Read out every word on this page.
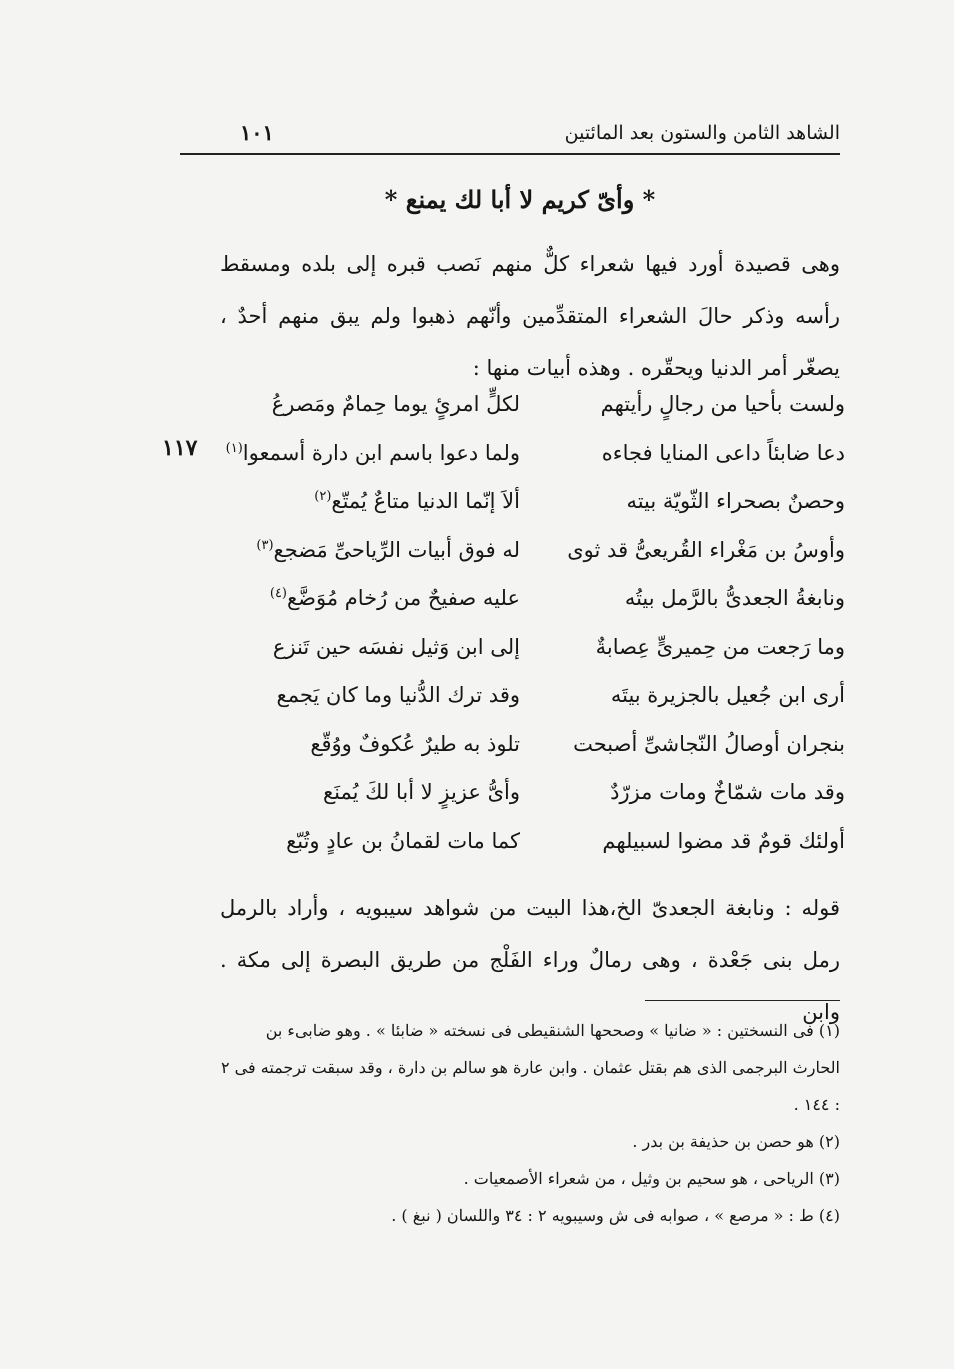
الشاهد الثامن والستون بعد المائتين
١٠١
* وأىّ كريم لا أبا لك يمنع *
وهى قصيدة أورد فيها شعراء كلٌّ منهم نَصب قبره إلى بلده ومسقط رأسه وذكر حالَ الشعراء المتقدِّمين وأنّهم ذهبوا ولم يبق منهم أحدٌ ، يصغّر أمر الدنيا ويحقّره . وهذه أبيات منها :
١١٧
ولست بأحيا من رجالٍ رأيتهم
لكلٍّ امرئٍ يوما حِمامٌ ومَصرعُ
دعا ضابئاً داعى المنايا فجاءه
ولما دعوا باسم ابن دارة أسمعوا$^{(١)}$
وحصنٌ بصحراء الثّويّة بيته
ألاَ إنّما الدنيا متاعٌ يُمتّع$^{(٢)}$
وأوسُ بن مَغْراء القُريعىُّ قد ثوى
له فوق أبيات الرِّياحىِّ مَضجع$^{(٣)}$
ونابغةُ الجعدىُّ بالرَّمل بيتُه
عليه صفيحٌ من رُخام مُوَضَّع$^{(٤)}$
وما رَجعت من حِميرىٍّ عِصابةٌ
إلى ابن وَثيل نفسَه حين تَنزع
أرى ابن جُعيل بالجزيرة بيتَه
وقد ترك الدُّنيا وما كان يَجمع
بنجران أوصالُ النّجاشىِّ أصبحت
تلوذ به طيرٌ عُكوفٌ ووُقّع
وقد مات شمّاخٌ ومات مزرّدٌ
وأىُّ عزيزٍ لا أبا لكَ يُمنَع
أولئك قومٌ قد مضوا لسبيلهم
كما مات لقمانُ بن عادٍ وتُبّع
قوله : ونابغة الجعدىّ الخ،هذا البيت من شواهد سيبويه ، وأراد بالرمل رمل بنى جَعْدة ، وهى رمالٌ وراء الفَلْج من طريق البصرة إلى مكة . وابن

(١) فى النسختين : « ضانيا » وصححها الشنقيطى فى نسخته « ضابئا » . وهو ضابىء بن الحارث البرجمى الذى هم بقتل عثمان . وابن عارة هو سالم بن دارة ، وقد سبقت ترجمته فى ٢ : ١٤٤ .

(٢) هو حصن بن حذيفة بن بدر .

(٣) الرياحى ، هو سحيم بن وثيل ، من شعراء الأصمعيات .

(٤) ط : « مرصع » ، صوابه فى ش وسيبويه ٢ : ٣٤ واللسان ( نبغ ) .
